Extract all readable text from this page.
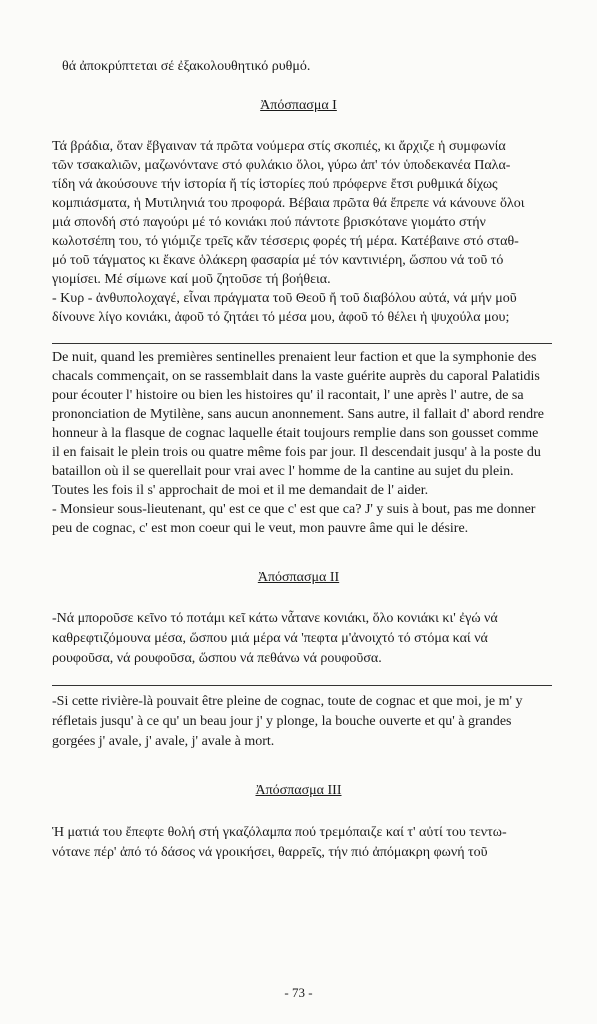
θά ἀποκρύπτεται σέ ἐξακολουθητικό ρυθμό.
Ἀπόσπασμα Ι
Τά βράδια, ὅταν ἔβγαιναν τά πρῶτα νούμερα στίς σκοπιές, κι ἄρχιζε ἡ συμφωνία
τῶν τσακαλιῶν, μαζωνόντανε στό φυλάκιο ὅλοι, γύρω ἀπ' τόν ὑποδεκανέα Παλα-
τίδη νά ἀκούσουνε τήν ἱστορία ἤ τίς ἱστορίες πού πρόφερνε ἔτσι ρυθμικά δίχως
κομπιάσματα, ἡ Μυτιληνιά του προφορά. Βέβαια πρῶτα θά ἔπρεπε νά κάνουνε ὅλοι
μιά σπονδή στό παγούρι μέ τό κονιάκι πού πάντοτε βρισκότανε γιομάτο στήν
κωλοτσέπη του, τό γιόμιζε τρεῖς κἄν τέσσερις φορές τή μέρα. Κατέβαινε στό σταθ-
μό τοῦ τάγματος κι ἔκανε ὁλάκερη φασαρία μέ τόν καντινιέρη, ὥσπου νά τοῦ τό
γιομίσει. Μέ σίμωνε καί μοῦ ζητοῦσε τή βοήθεια.
- Κυρ - ἀνθυπολοχαγέ, εἶναι πράγματα τοῦ Θεοῦ ἤ τοῦ διαβόλου αὐτά, νά μήν μοῦ
δίνουνε λίγο κονιάκι, ἀφοῦ τό ζητάει τό μέσα μου, ἀφοῦ τό θέλει ἡ ψυχούλα μου;
De nuit, quand les premières sentinelles prenaient leur faction et que la symphonie des
chacals commençait, on se rassemblait dans la vaste guérite auprès du caporal Palatidis
pour écouter l' histoire ou bien les histoires qu' il racontait, l' une après l' autre, de sa
prononciation de Mytilène, sans aucun anonnement. Sans autre, il fallait d' abord rendre
honneur à la flasque de cognac laquelle était toujours remplie dans son gousset comme
il en faisait le plein trois ou quatre même fois par jour. Il descendait jusqu' à la poste du
bataillon où il se querellait pour vrai avec l' homme de la cantine au sujet du plein.
Toutes les fois il s' approchait de moi et il me demandait de l' aider.
- Monsieur sous-lieutenant, qu' est ce que c' est que ca? J' y suis à bout, pas me donner
peu de cognac, c' est mon coeur qui le veut, mon pauvre âme qui le désire.
Ἀπόσπασμα ΙΙ
-Νά μποροῦσε κεῖνο τό ποτάμι κεῖ κάτω νἆτανε κονιάκι, ὅλο κονιάκι κι' ἐγώ νά
καθρεφτιζόμουνα μέσα, ὥσπου μιά μέρα νά 'πεφτα μ'ἀνοιχτό τό στόμα καί νά
ρουφοῦσα, νά ρουφοῦσα, ὥσπου νά πεθάνω νά ρουφοῦσα.
-Si cette rivière-là pouvait être pleine de cognac, toute de cognac et que moi, je m' y
réfletais jusqu' à ce qu' un beau jour j' y plonge, la bouche ouverte et qu' à grandes
gorgées j' avale, j' avale, j' avale à mort.
Ἀπόσπασμα ΙΙΙ
Ἡ ματιά του ἔπεφτε θολή στή γκαζόλαμπα πού τρεμόπαιζε καί τ' αὐτί του τεντω-
νότανε πέρ' ἀπό τό δάσος νά γροικήσει, θαρρεῖς, τήν πιό ἀπόμακρη φωνή τοῦ
- 73 -
